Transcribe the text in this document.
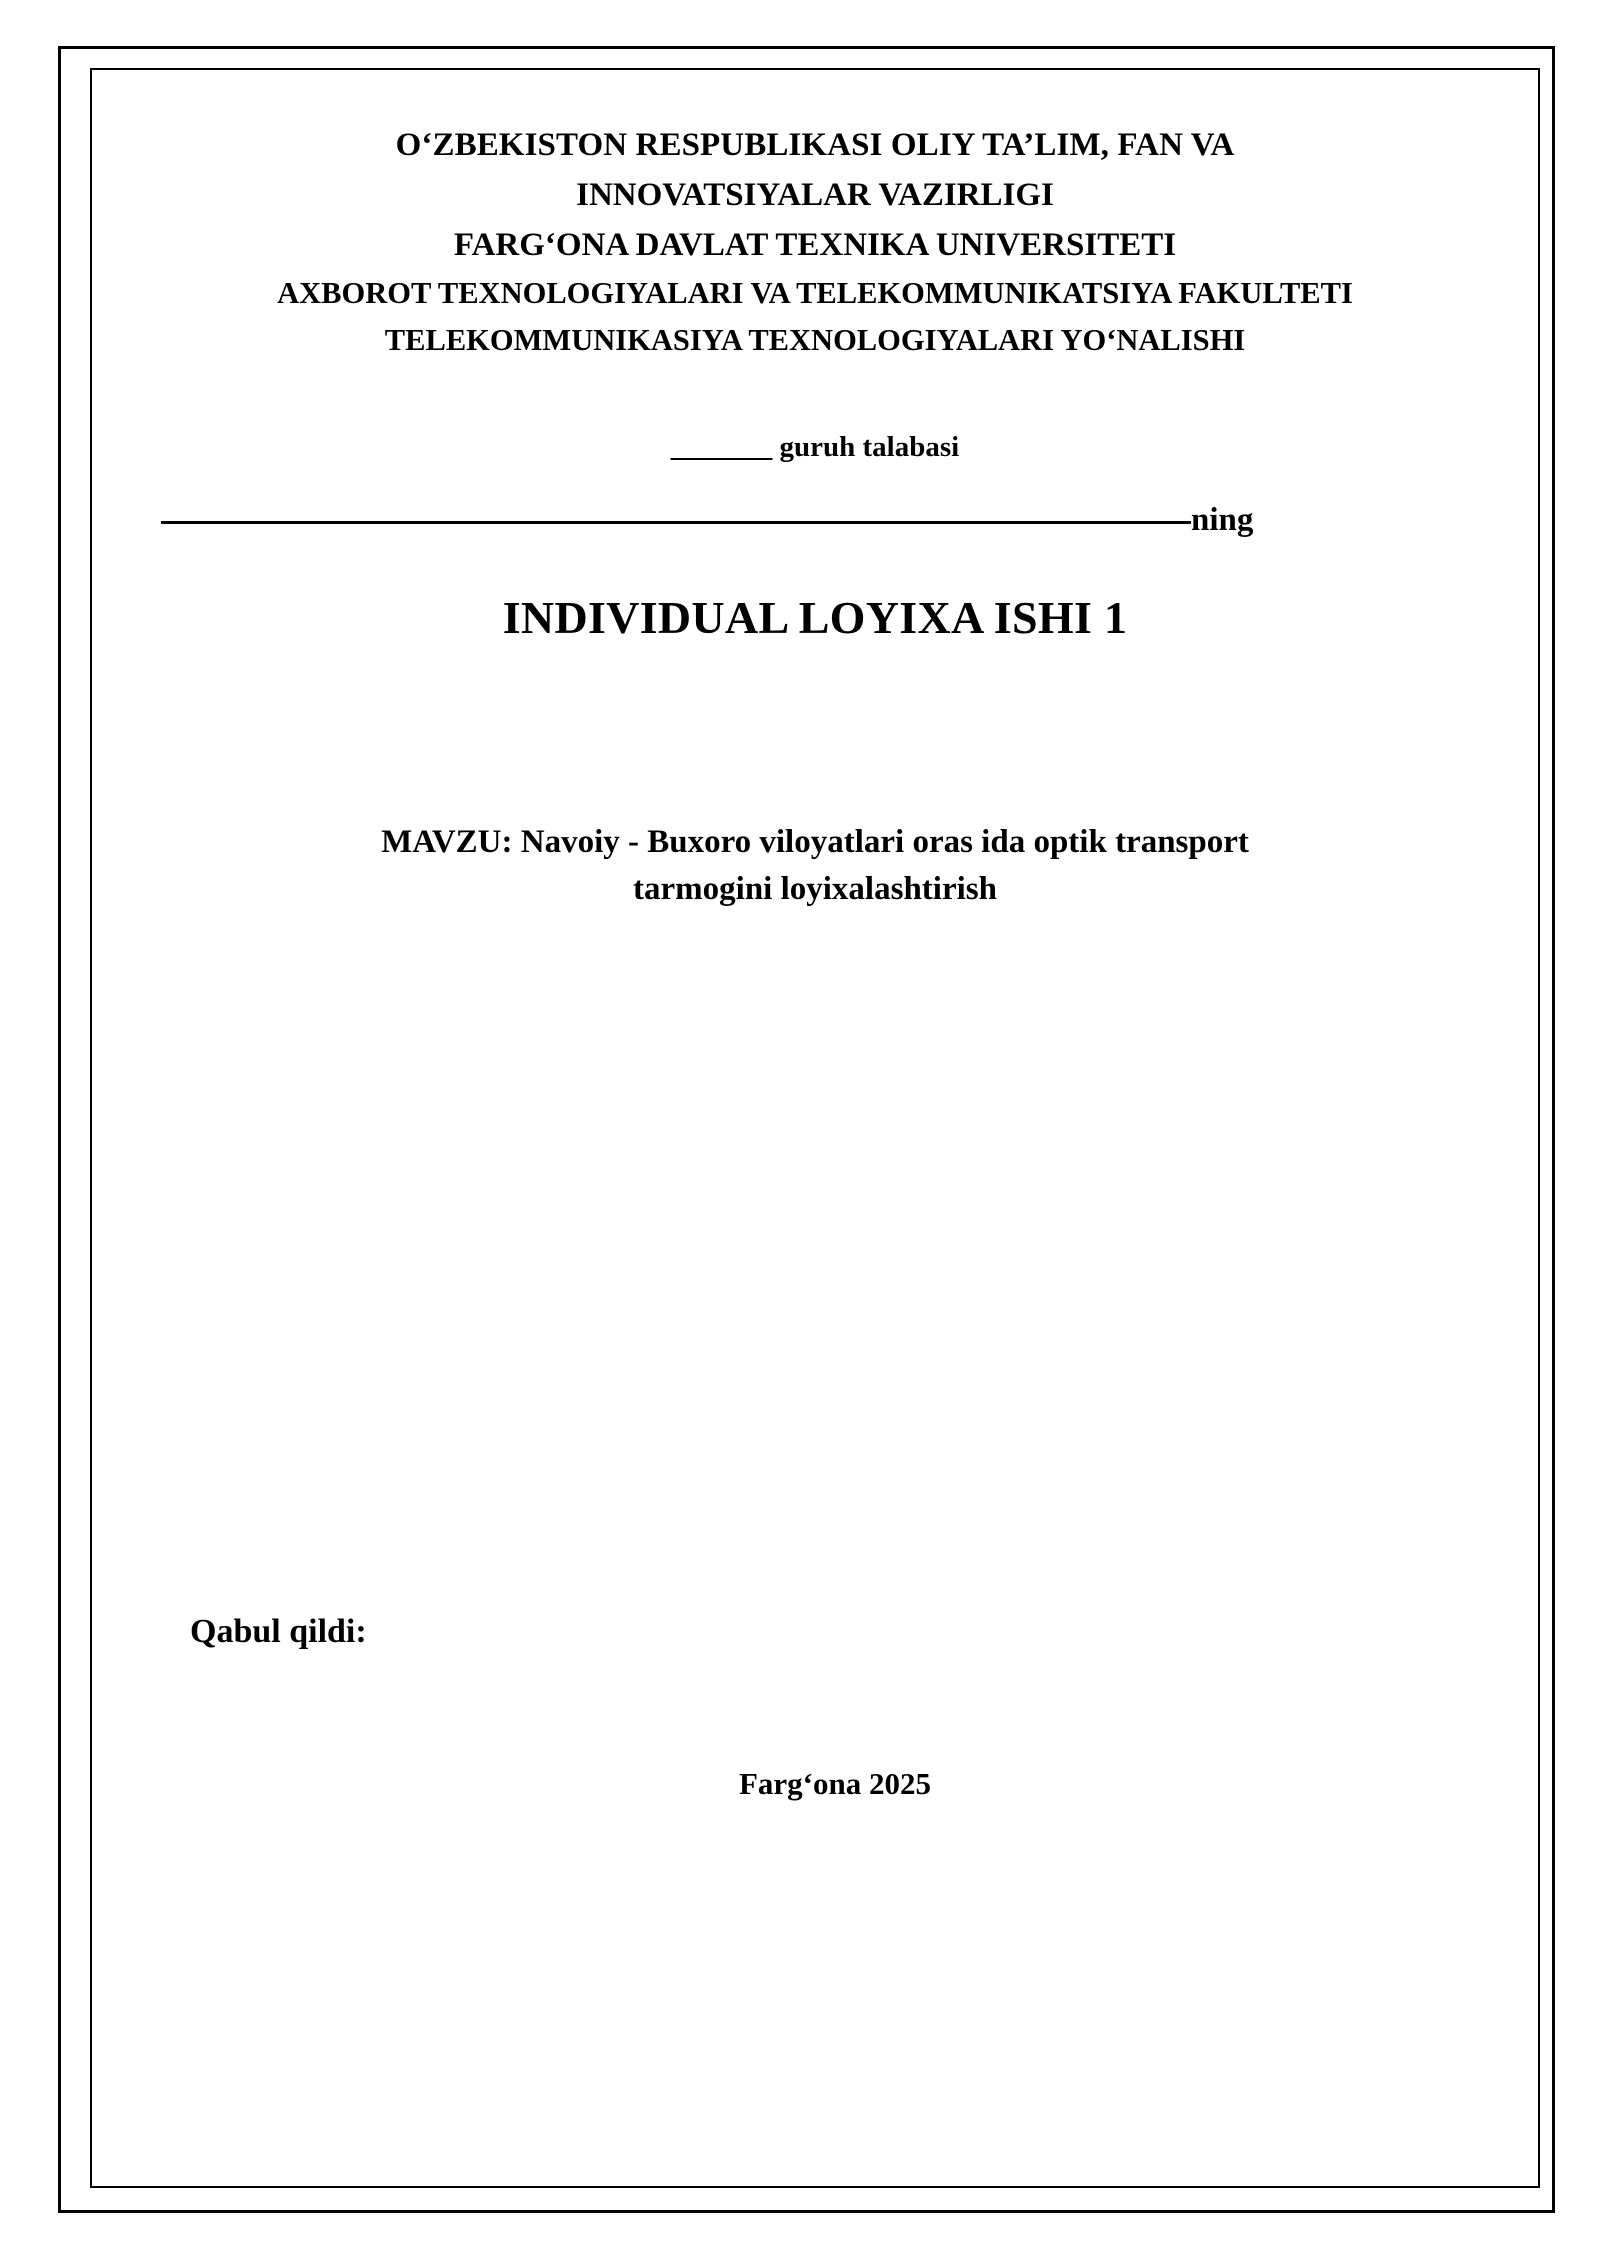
O‘ZBEKISTON RESPUBLIKASI OLIY TA’LIM, FAN VA
INNOVATSIYALAR VAZIRLIGI
FARG‘ONA DAVLAT TEXNIKA UNIVERSITETI
AXBOROT TEXNOLOGIYALARI VA TELEKOMMUNIKATSIYA FAKULTETI
TELEKOMMUNIKASIYA TEXNOLOGIYALARI YO‘NALISHI
_______ guruh talabasi
ning
INDIVIDUAL LOYIXA ISHI 1
MAVZU: Navoiy - Buxoro viloyatlari oras ida optik transport
tarmogini loyixalashtirish
Qabul qildi:
Farg‘ona 2025
